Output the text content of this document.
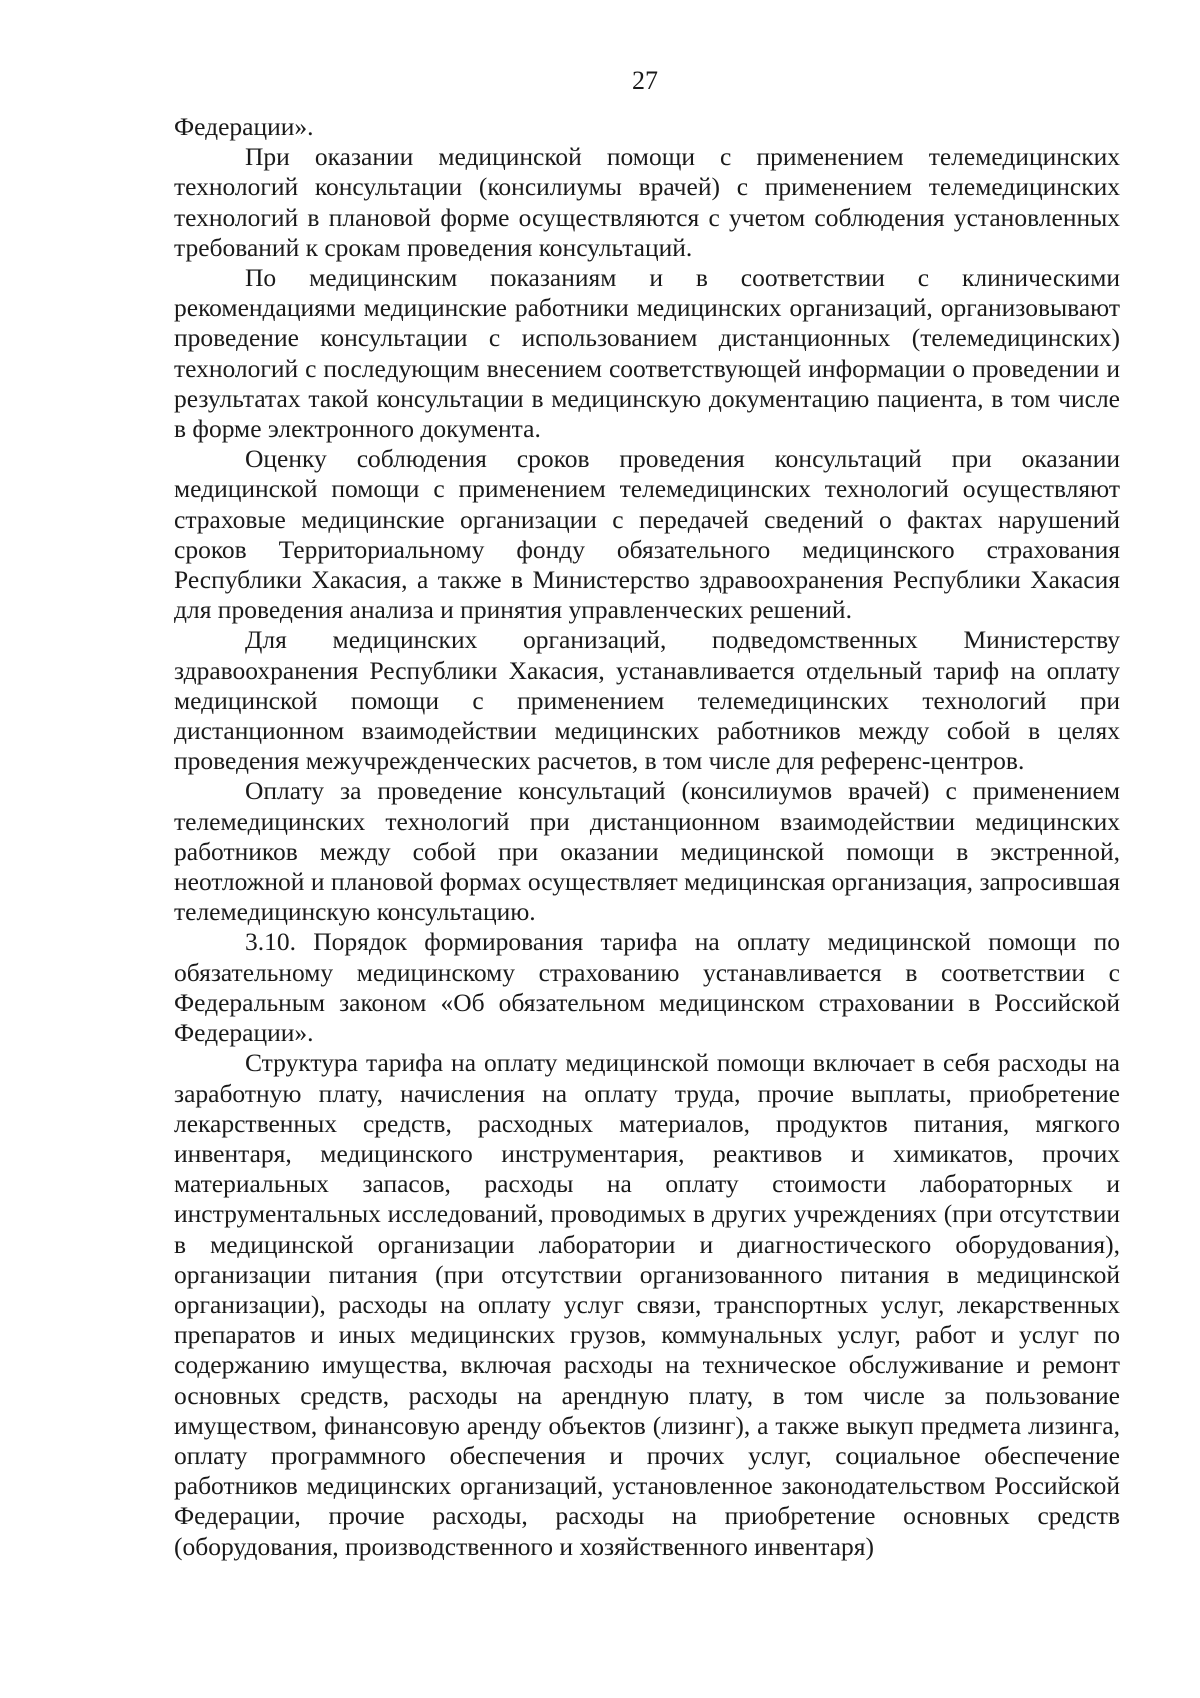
27

Федерации».

При оказании медицинской помощи с применением телемедицинских технологий консультации (консилиумы врачей) с применением телемедицинских технологий в плановой форме осуществляются с учетом соблюдения установленных требований к срокам проведения консультаций.

По медицинским показаниям и в соответствии с клиническими рекомендациями медицинские работники медицинских организаций, организовывают проведение консультации с использованием дистанционных (телемедицинских) технологий с последующим внесением соответствующей информации о проведении и результатах такой консультации в медицинскую документацию пациента, в том числе в форме электронного документа.

Оценку соблюдения сроков проведения консультаций при оказании медицинской помощи с применением телемедицинских технологий осуществляют страховые медицинские организации с передачей сведений о фактах нарушений сроков Территориальному фонду обязательного медицинского страхования Республики Хакасия, а также в Министерство здравоохранения Республики Хакасия для проведения анализа и принятия управленческих решений.

Для медицинских организаций, подведомственных Министерству здравоохранения Республики Хакасия, устанавливается отдельный тариф на оплату медицинской помощи с применением телемедицинских технологий при дистанционном взаимодействии медицинских работников между собой в целях проведения межучрежденческих расчетов, в том числе для референс-центров.

Оплату за проведение консультаций (консилиумов врачей) с применением телемедицинских технологий при дистанционном взаимодействии медицинских работников между собой при оказании медицинской помощи в экстренной, неотложной и плановой формах осуществляет медицинская организация, запросившая телемедицинскую консультацию.

3.10. Порядок формирования тарифа на оплату медицинской помощи по обязательному медицинскому страхованию устанавливается в соответствии с Федеральным законом «Об обязательном медицинском страховании в Российской Федерации».

Структура тарифа на оплату медицинской помощи включает в себя расходы на заработную плату, начисления на оплату труда, прочие выплаты, приобретение лекарственных средств, расходных материалов, продуктов питания, мягкого инвентаря, медицинского инструментария, реактивов и химикатов, прочих материальных запасов, расходы на оплату стоимости лабораторных и инструментальных исследований, проводимых в других учреждениях (при отсутствии в медицинской организации лаборатории и диагностического оборудования), организации питания (при отсутствии организованного питания в медицинской организации), расходы на оплату услуг связи, транспортных услуг, лекарственных препаратов и иных медицинских грузов, коммунальных услуг, работ и услуг по содержанию имущества, включая расходы на техническое обслуживание и ремонт основных средств, расходы на арендную плату, в том числе за пользование имуществом, финансовую аренду объектов (лизинг), а также выкуп предмета лизинга, оплату программного обеспечения и прочих услуг, социальное обеспечение работников медицинских организаций, установленное законодательством Российской Федерации, прочие расходы, расходы на приобретение основных средств (оборудования, производственного и хозяйственного инвентаря)
